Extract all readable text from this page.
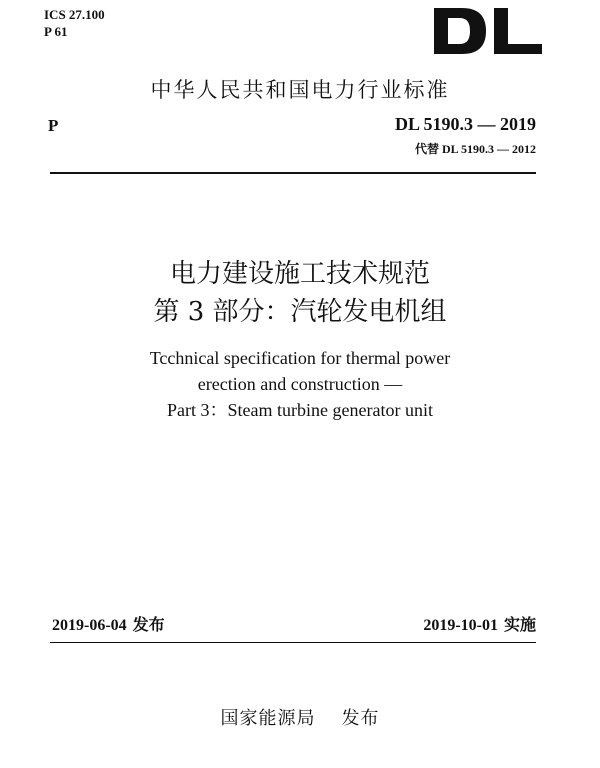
ICS 27.100
P 61
中华人民共和国电力行业标准
P	DL 5190.3 — 2019
代替 DL 5190.3 — 2012
电力建设施工技术规范
第 3 部分：汽轮发电机组
Tcchnical specification for thermal power
erection and construction —
Part 3：Steam turbine generator unit
2019-06-04 发布	2019-10-01 实施
国家能源局 发布
